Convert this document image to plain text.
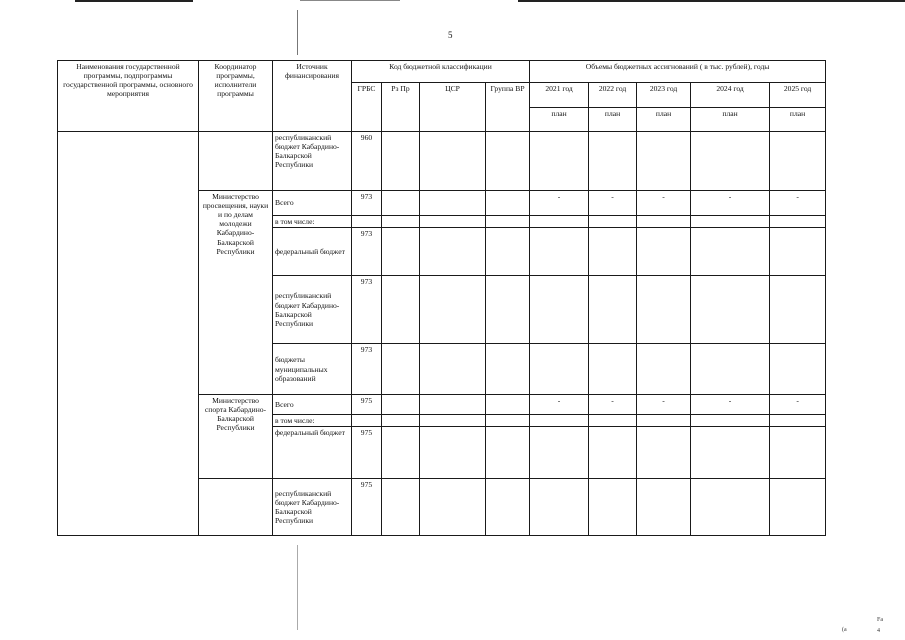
5
Наименования государственной программы, подпрограммы государственной программы, основного мероприятия	Координатор программы, исполнители программы	Источник финансирования	Код бюджетной классификации				Объемы бюджетных ассигнований ( в тыс. рублей), годы				
			ГРБС	Рз Пр	ЦСР	Группа ВР	2021 год	2022 год	2023 год	2024 год	2025 год
							план	план	план	план	план
		республиканский бюджет Кабардино-Балкарской Республики	960								
	Министерство просвещения, науки и по делам молодежи Кабардино-Балкарской Республики	Всего	973				-	-	-	-	-
		в том числе:									
		федеральный бюджет	973								
		республиканский бюджет Кабардино-Балкарской Республики	973								
		бюджеты муниципальных образований	973								
	Министерство спорта Кабардино-Балкарской Республики	Всего	975				-	-	-	-	-
		в том числе:									
		федеральный бюджет	975								
		республиканский бюджет Кабардино-Балкарской Республики	975								
Fa
(a	4
